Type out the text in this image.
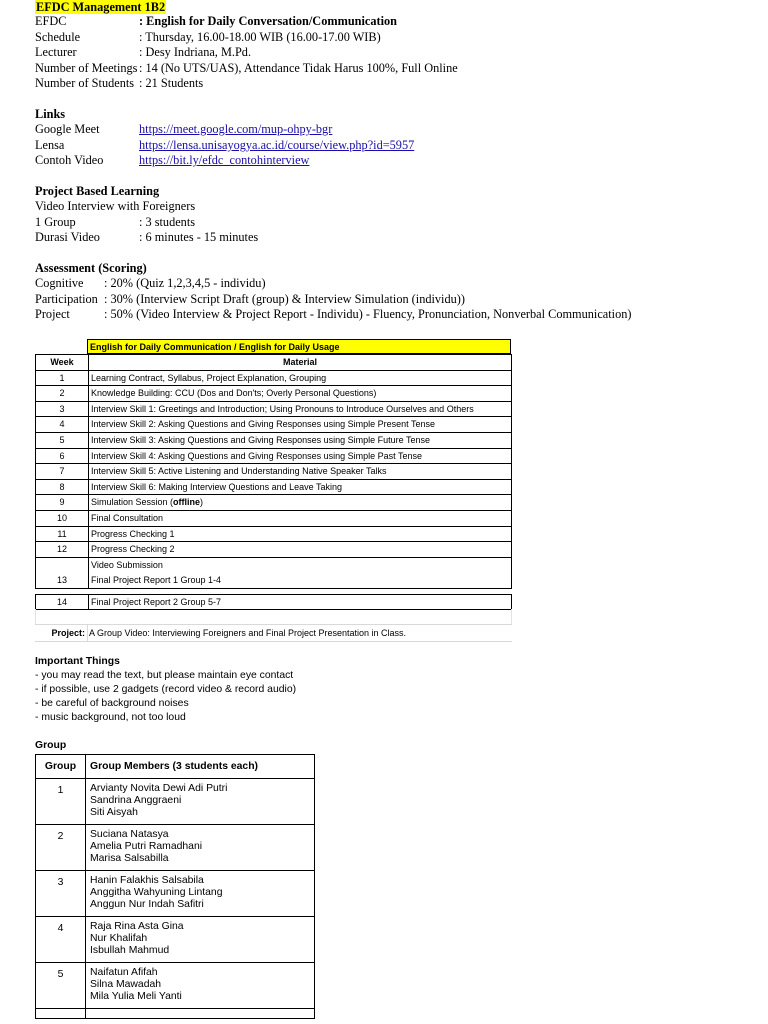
EFDC Management 1B2
EFDC	: English for Daily Conversation/Communication
Schedule	: Thursday, 16.00-18.00 WIB (16.00-17.00 WIB)
Lecturer	: Desy Indriana, M.Pd.
Number of Meetings : 14 (No UTS/UAS), Attendance Tidak Harus 100%, Full Online
Number of Students : 21 Students
Links
Google Meet	https://meet.google.com/mup-ohpy-bgr
Lensa	https://lensa.unisayogya.ac.id/course/view.php?id=5957
Contoh Video	https://bit.ly/efdc_contohinterview
Project Based Learning
Video Interview with Foreigners
1 Group	: 3 students
Durasi Video	: 6 minutes - 15 minutes
Assessment (Scoring)
Cognitive : 20% (Quiz 1,2,3,4,5 - individu)
Participation : 30% (Interview Script Draft (group) & Interview Simulation (individu))
Project	: 50% (Video Interview & Project Report - Individu) - Fluency, Pronunciation, Nonverbal Communication)
English for Daily Communication / English for Daily Usage
Week	Material
1	Learning Contract, Syllabus, Project Explanation, Grouping
2	Knowledge Building: CCU (Dos and Don'ts; Overly Personal Questions)
3	Interview Skill 1: Greetings and Introduction; Using Pronouns to Introduce Ourselves and Others
4	Interview Skill 2: Asking Questions and Giving Responses using Simple Present Tense
5	Interview Skill 3: Asking Questions and Giving Responses using Simple Future Tense
6	Interview Skill 4: Asking Questions and Giving Responses using Simple Past Tense
7	Interview Skill 5: Active Listening and Understanding Native Speaker Talks
8	Interview Skill 6: Making Interview Questions and Leave Taking
9	Simulation Session (offline)
10	Final Consultation
11	Progress Checking 1
12	Progress Checking 2
13	Video Submission
Final Project Report 1 Group 1-4
14	Final Project Report 2 Group 5-7
Project: A Group Video: Interviewing Foreigners and Final Project Presentation in Class.
Important Things
- you may read the text, but please maintain eye contact
- if possible, use 2 gadgets (record video & record audio)
- be careful of background noises
- music background, not too loud
Group
Group	Group Members (3 students each)
1	Arvianty Novita Dewi Adi Putri
Sandrina Anggraeni
Siti Aisyah

2	Suciana Natasya
Amelia Putri Ramadhani
Marisa Salsabilla

3	Hanin Falakhis Salsabila
Anggitha Wahyuning Lintang
Anggun Nur Indah Safitri

4	Raja Rina Asta Gina
Nur Khalifah
Isbullah Mahmud

5	Naifatun Afifah
Silna Mawadah
Mila Yulia Meli Yanti
